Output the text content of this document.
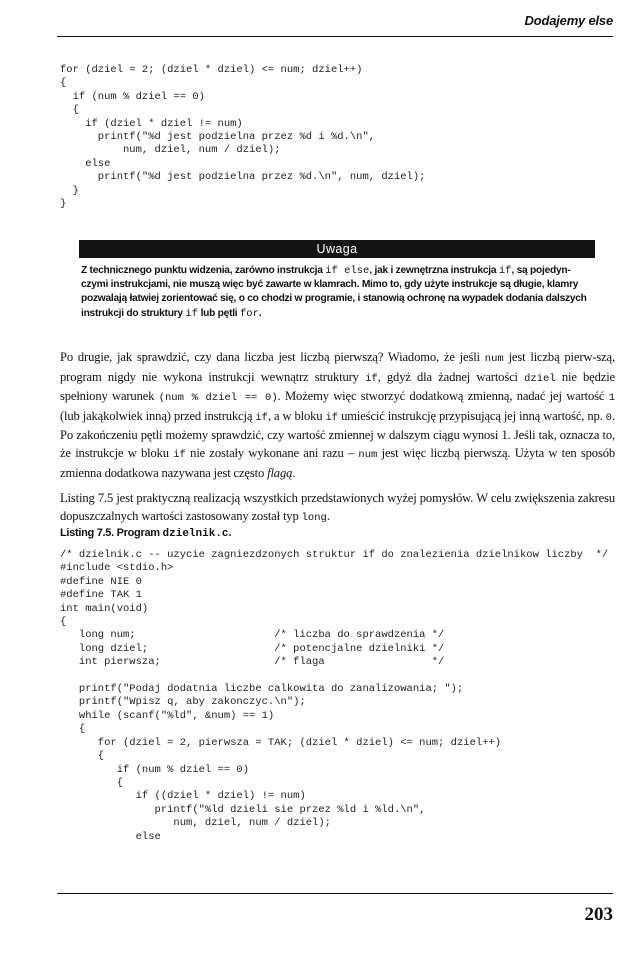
Dodajemy else
for (dziel = 2; (dziel * dziel) <= num; dziel++)
{
if (num % dziel == 0)
{
if (dziel * dziel != num)
printf("%d jest podzielna przez %d i %d.\n",
num, dziel, num / dziel);
else
printf("%d jest podzielna przez %d.\n", num, dziel);
}
}
Uwaga

Z technicznego punktu widzenia, zarówno instrukcja if else, jak i zewnętrzna instrukcja if, są pojedyn-czymi instrukcjami, nie muszą więc być zawarte w klamrach. Mimo to, gdy użyte instrukcje są długie, klamry pozwalają łatwiej zorientować się, o co chodzi w programie, i stanowią ochronę na wypadek dodania dalszych instrukcji do struktury if lub pętli for.

Po drugie, jak sprawdzić, czy dana liczba jest liczbą pierwszą? Wiadomo, że jeśli num jest liczbą pierw-szą, program nigdy nie wykona instrukcji wewnątrz struktury if, gdyż dla żadnej wartości dziel nie będzie spełniony warunek (num % dziel == 0). Możemy więc stworzyć dodatkową zmienną, nadać jej wartość 1 (lub jakąkolwiek inną) przed instrukcją if, a w bloku if umieścić instrukcję przypisującą jej inną wartość, np. 0. Po zakończeniu pętli możemy sprawdzić, czy wartość zmiennej w dalszym ciągu wynosi 1. Jeśli tak, oznacza to, że instrukcje w bloku if nie zostały wykonane ani razu – num jest więc liczbą pierwszą. Użyta w ten sposób zmienna dodatkowa nazywana jest często flagą.

Listing 7.5 jest praktyczną realizacją wszystkich przedstawionych wyżej pomysłów. W celu zwiększenia zakresu dopuszczalnych wartości zastosowany został typ long.

Listing 7.5. Program dzielnik.c.
/* dzielnik.c -- uzycie zagniezdzonych struktur if do znalezienia dzielnikow liczby  */
#include <stdio.h>
#define NIE 0
#define TAK 1
int main(void)
{
long num;                      /* liczba do sprawdzenia */
long dziel;                    /* potencjalne dzielniki */
int pierwsza;                  /* flaga                 */

printf("Podaj dodatnia liczbe calkowita do zanalizowania; ");
printf("Wpisz q, aby zakonczyc.\n");
while (scanf("%ld", &num) == 1)
{
for (dziel = 2, pierwsza = TAK; (dziel * dziel) <= num; dziel++)
{
if (num % dziel == 0)
{
if ((dziel * dziel) != num)
printf("%ld dzieli sie przez %ld i %ld.\n",
num, dziel, num / dziel);
else
203
